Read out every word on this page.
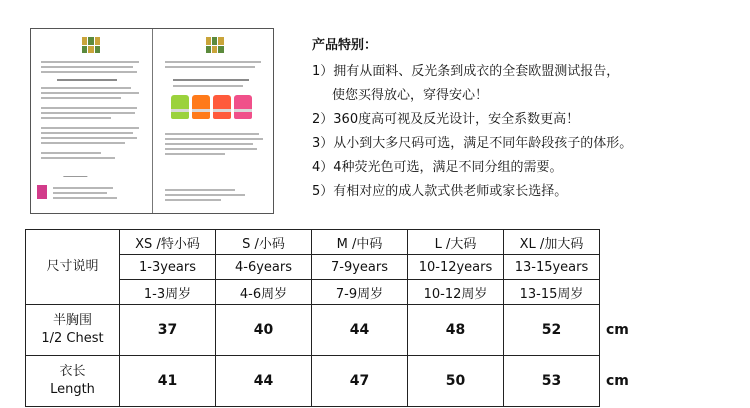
产品特别：
1）拥有从面料、反光条到成衣的全套欧盟测试报告，
使您买得放心，穿得安心！
2）360度高可视及反光设计，安全系数更高！
3）从小到大多尺码可选，满足不同年龄段孩子的体形。
4）4种荧光色可选，满足不同分组的需要。
5）有相对应的成人款式供老师或家长选择。
尺寸说明	XS /特小码	S /小码	M /中码	L /大码	XL /加大码	
	1-3years	4-6years	7-9years	10-12years	13-15years	
	1-3周岁	4-6周岁	7-9周岁	10-12周岁	13-15周岁	

半胸围
1/2 Chest	37	40	44	48	52	cm

衣长
Length	41	44	47	50	53	cm
